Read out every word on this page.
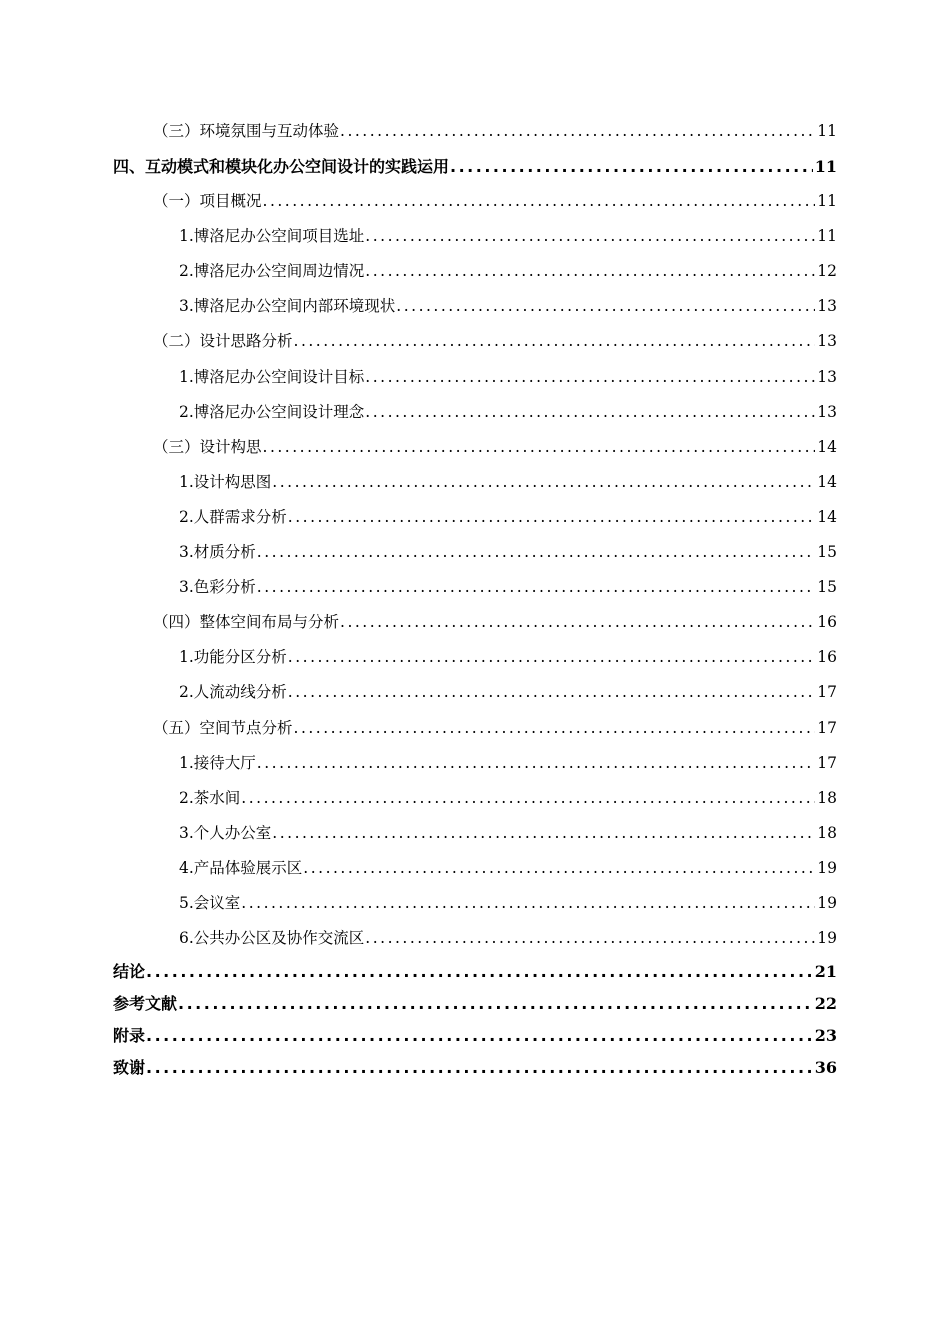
（三）环境氛围与互动体验 .....	11
四、互动模式和模块化办公空间设计的实践运用 .....	11
（一）项目概况 .....	11
1.博洛尼办公空间项目选址 .....	11
2.博洛尼办公空间周边情况 .....	12
3.博洛尼办公空间内部环境现状 .....	13
（二）设计思路分析 .....	13
1.博洛尼办公空间设计目标 .....	13
2.博洛尼办公空间设计理念 .....	13
（三）设计构思 .....	14
1.设计构思图 .....	14
2.人群需求分析 .....	14
3.材质分析 .....	15
3.色彩分析 .....	15
（四）整体空间布局与分析 .....	16
1.功能分区分析 .....	16
2.人流动线分析 .....	17
（五）空间节点分析 .....	17
1.接待大厅 .....	17
2.茶水间 .....	18
3.个人办公室 .....	18
4.产品体验展示区 .....	19
5.会议室 .....	19
6.公共办公区及协作交流区 .....	19
结论 .....	21
参考文献 .....	22
附录 .....	23
致谢 .....	36
